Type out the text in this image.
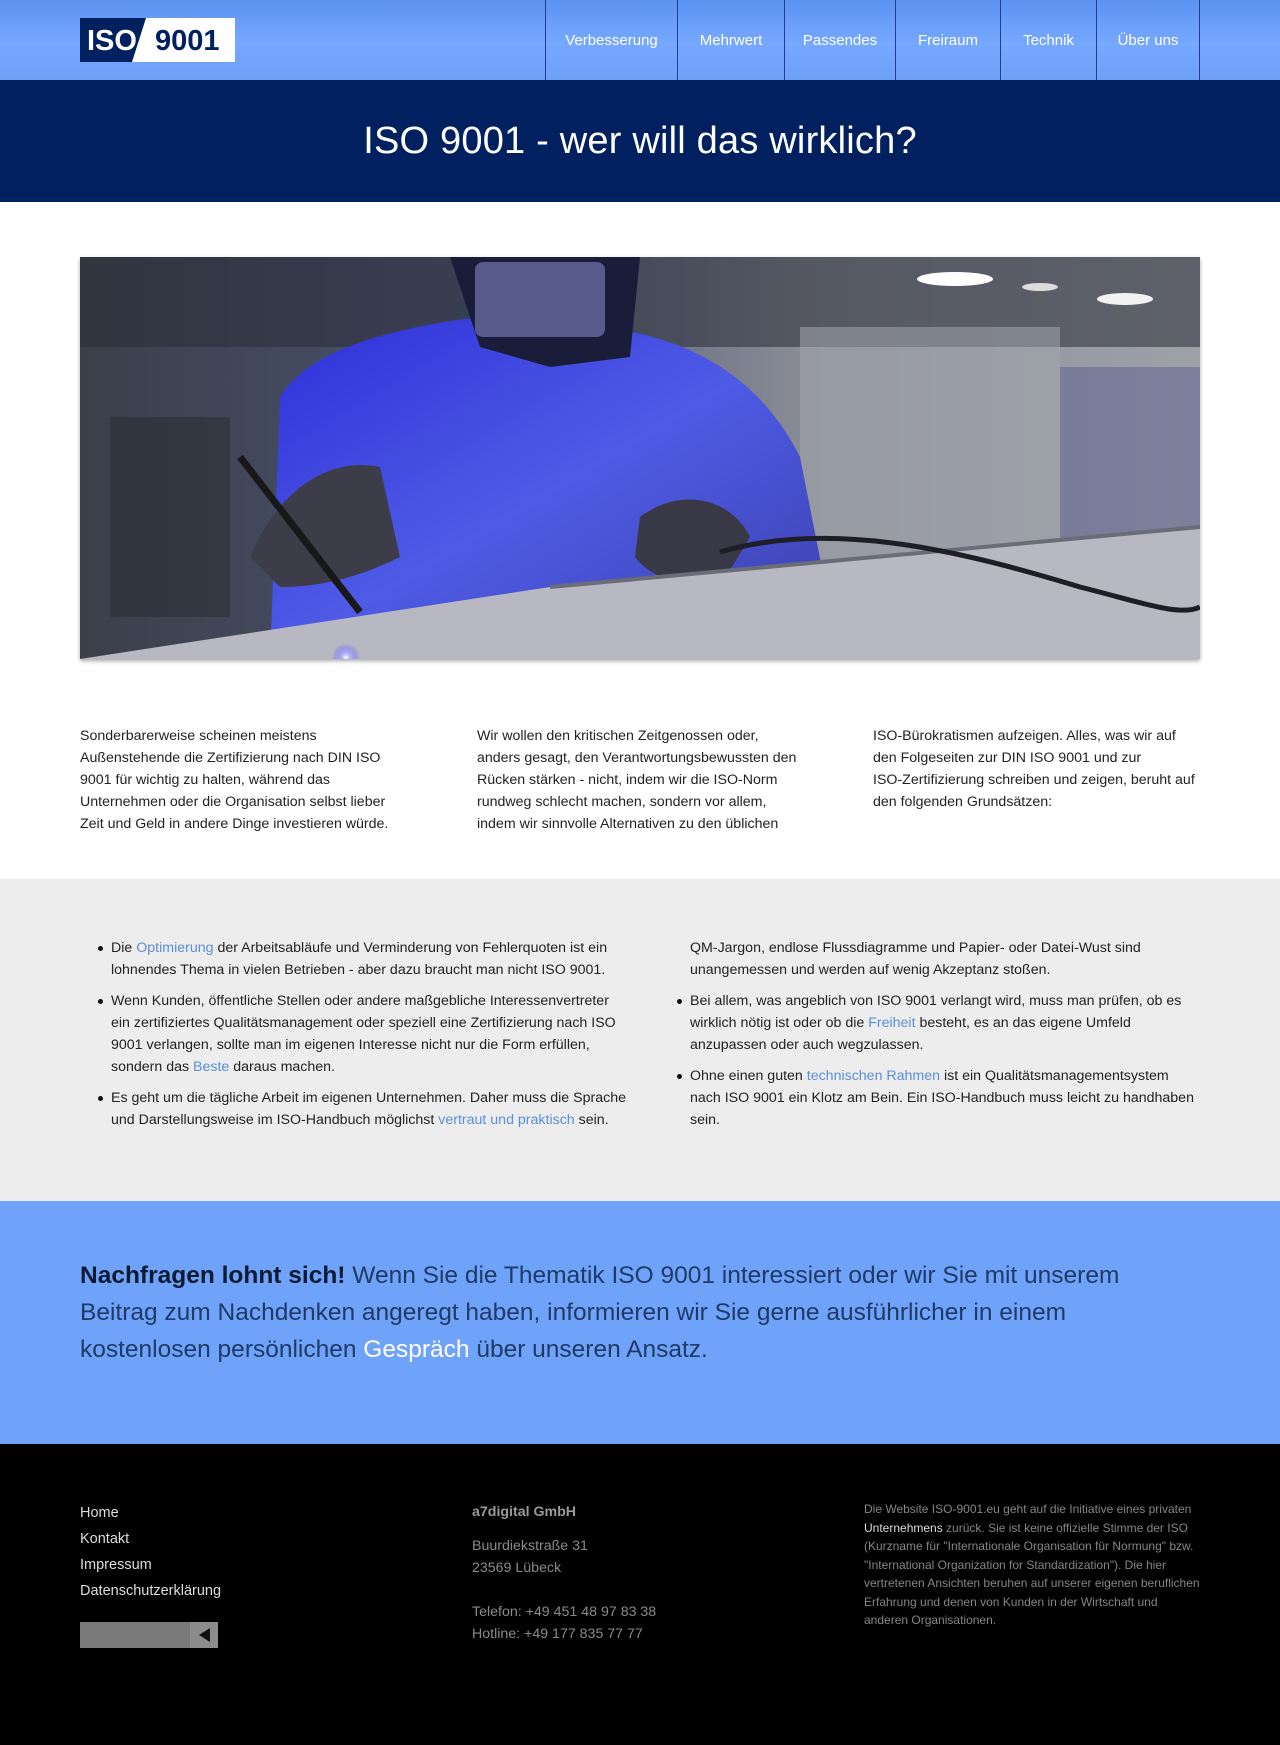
ISO 9001	Verbesserung	Mehrwert	Passendes	Freiraum	Technik	Über uns
ISO 9001 - wer will das wirklich?
Sonderbarerweise scheinen meistens
Außenstehende die Zertifizierung nach DIN ISO
9001 für wichtig zu halten, während das
Unternehmen oder die Organisation selbst lieber
Zeit und Geld in andere Dinge investieren würde.
Wir wollen den kritischen Zeitgenossen oder,
anders gesagt, den Verantwortungsbewussten den
Rücken stärken - nicht, indem wir die ISO-Norm
rundweg schlecht machen, sondern vor allem,
indem wir sinnvolle Alternativen zu den üblichen
ISO-Bürokratismen aufzeigen. Alles, was wir auf
den Folgeseiten zur DIN ISO 9001 und zur
ISO-Zertifizierung schreiben und zeigen, beruht auf
den folgenden Grundsätzen:
Die Optimierung der Arbeitsabläufe und Verminderung von Fehlerquoten ist ein lohnendes Thema in vielen Betrieben - aber dazu braucht man nicht ISO 9001.
Wenn Kunden, öffentliche Stellen oder andere maßgebliche Interessenvertreter ein zertifiziertes Qualitätsmanagement oder speziell eine Zertifizierung nach ISO 9001 verlangen, sollte man im eigenen Interesse nicht nur die Form erfüllen, sondern das Beste daraus machen.
Es geht um die tägliche Arbeit im eigenen Unternehmen. Daher muss die Sprache und Darstellungsweise im ISO-Handbuch möglichst vertraut und praktisch sein.
QM-Jargon, endlose Flussdiagramme und Papier- oder Datei-Wust sind unangemessen und werden auf wenig Akzeptanz stoßen.
Bei allem, was angeblich von ISO 9001 verlangt wird, muss man prüfen, ob es wirklich nötig ist oder ob die Freiheit besteht, es an das eigene Umfeld anzupassen oder auch wegzulassen.
Ohne einen guten technischen Rahmen ist ein Qualitätsmanagementsystem nach ISO 9001 ein Klotz am Bein. Ein ISO-Handbuch muss leicht zu handhaben sein.

Nachfragen lohnt sich! Wenn Sie die Thematik ISO 9001 interessiert oder wir Sie mit unserem Beitrag zum Nachdenken angeregt haben, informieren wir Sie gerne ausführlicher in einem kostenlosen persönlichen Gespräch über unseren Ansatz.

Home
Kontakt
Impressum
Datenschutzerklärung
a7digital GmbH
Buurdiekstraße 31
23569 Lübeck
Telefon: +49 451 48 97 83 38
Hotline: +49 177 835 77 77

Die Website ISO-9001.eu geht auf die Initiative eines privaten Unternehmens zurück. Sie ist keine offizielle Stimme der ISO (Kurzname für "Internationale Organisation für Normung" bzw. "International Organization for Standardization"). Die hier vertretenen Ansichten beruhen auf unserer eigenen beruflichen Erfahrung und denen von Kunden in der Wirtschaft und anderen Organisationen.
